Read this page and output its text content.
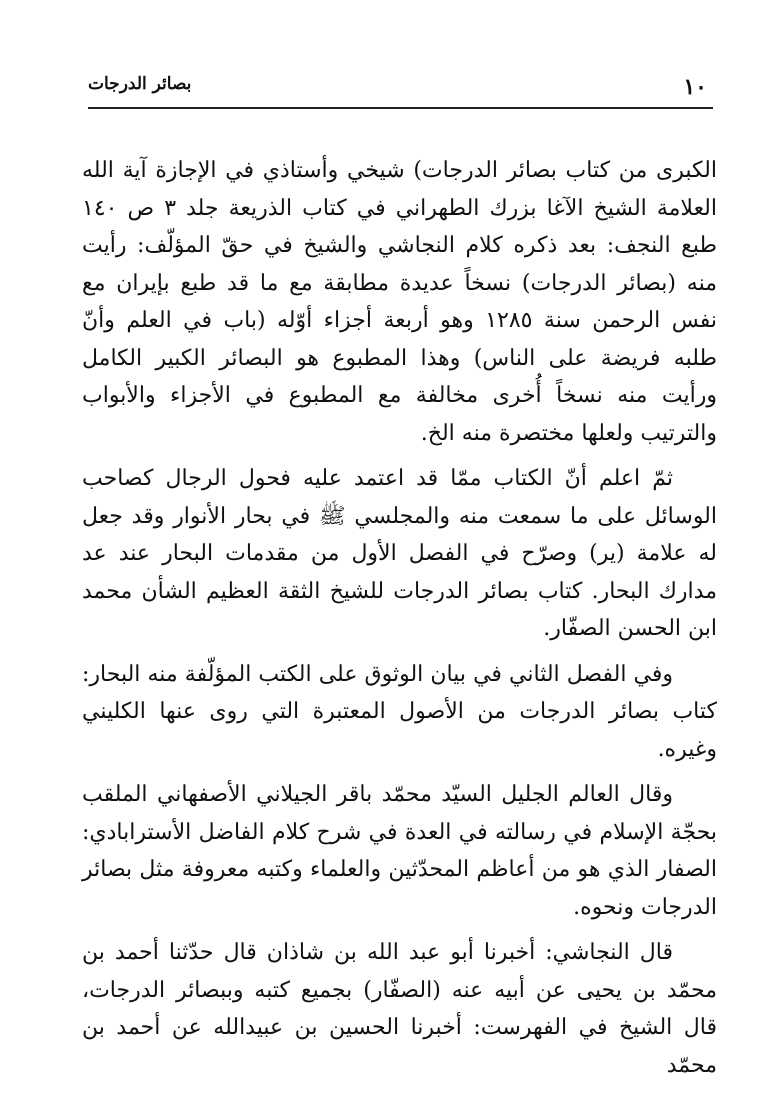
بصائر الدرجات	١٠

الكبرى من كتاب بصائر الدرجات) شيخي وأستاذي في الإجازة آية الله العلامة الشيخ الآغا بزرك الطهراني في كتاب الذريعة جلد ٣ ص ١٤٠ طبع النجف: بعد ذكره كلام النجاشي والشيخ في حقّ المؤلّف: رأيت منه (بصائر الدرجات) نسخاً عديدة مطابقة مع ما قد طبع بإيران مع نفس الرحمن سنة ١٢٨٥ وهو أربعة أجزاء أوّله (باب في العلم وأنّ طلبه فريضة على الناس) وهذا المطبوع هو البصائر الكبير الكامل ورأيت منه نسخاً أُخرى مخالفة مع المطبوع في الأجزاء والأبواب والترتيب ولعلها مختصرة منه الخ.

ثمّ اعلم أنّ الكتاب ممّا قد اعتمد عليه فحول الرجال كصاحب الوسائل على ما سمعت منه والمجلسي ﷺ في بحار الأنوار وقد جعل له علامة (ير) وصرّح في الفصل الأول من مقدمات البحار عند عد مدارك البحار. كتاب بصائر الدرجات للشيخ الثقة العظيم الشأن محمد ابن الحسن الصفّار.

وفي الفصل الثاني في بيان الوثوق على الكتب المؤلّفة منه البحار: كتاب بصائر الدرجات من الأصول المعتبرة التي روى عنها الكليني وغيره.

وقال العالم الجليل السيّد محمّد باقر الجيلاني الأصفهاني الملقب بحجّة الإسلام في رسالته في العدة في شرح كلام الفاضل الأسترابادي: الصفار الذي هو من أعاظم المحدّثين والعلماء وكتبه معروفة مثل بصائر الدرجات ونحوه.

قال النجاشي: أخبرنا أبو عبد الله بن شاذان قال حدّثنا أحمد بن محمّد بن يحيى عن أبيه عنه (الصفّار) بجميع كتبه وببصائر الدرجات، قال الشيخ في الفهرست: أخبرنا الحسين بن عبيدالله عن أحمد بن محمّد
